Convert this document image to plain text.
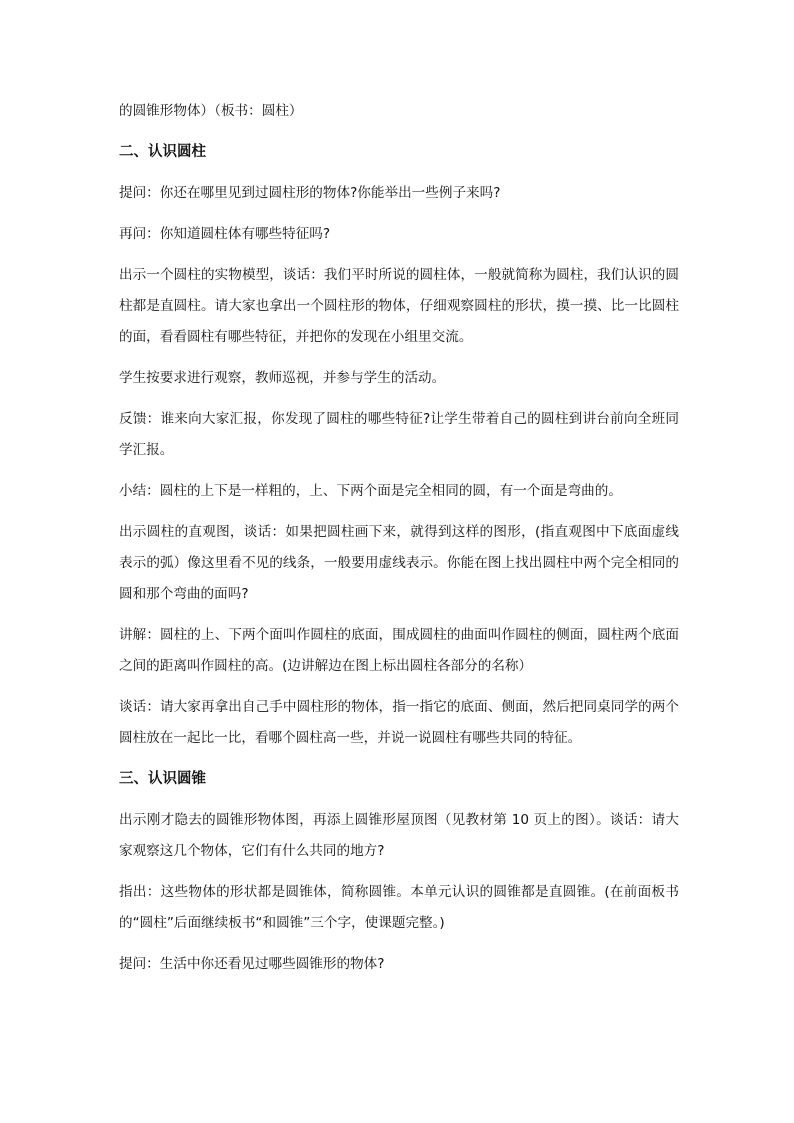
的圆锥形物体）（板书：圆柱）

二、认识圆柱

提问：你还在哪里见到过圆柱形的物体?你能举出一些例子来吗?

再问：你知道圆柱体有哪些特征吗?

出示一个圆柱的实物模型，谈话：我们平时所说的圆柱体，一般就简称为圆柱，我们认识的圆柱都是直圆柱。请大家也拿出一个圆柱形的物体，仔细观察圆柱的形状，摸一摸、比一比圆柱的面，看看圆柱有哪些特征，并把你的发现在小组里交流。

学生按要求进行观察，教师巡视，并参与学生的活动。

反馈：谁来向大家汇报，你发现了圆柱的哪些特征?让学生带着自己的圆柱到讲台前向全班同学汇报。

小结：圆柱的上下是一样粗的，上、下两个面是完全相同的圆，有一个面是弯曲的。

出示圆柱的直观图，谈话：如果把圆柱画下来，就得到这样的图形，(指直观图中下底面虚线表示的弧）像这里看不见的线条，一般要用虚线表示。你能在图上找出圆柱中两个完全相同的圆和那个弯曲的面吗?

讲解：圆柱的上、下两个面叫作圆柱的底面，围成圆柱的曲面叫作圆柱的侧面，圆柱两个底面之间的距离叫作圆柱的高。(边讲解边在图上标出圆柱各部分的名称）

谈话：请大家再拿出自己手中圆柱形的物体，指一指它的底面、侧面，然后把同桌同学的两个圆柱放在一起比一比，看哪个圆柱高一些，并说一说圆柱有哪些共同的特征。

三、认识圆锥

出示刚才隐去的圆锥形物体图，再添上圆锥形屋顶图（见教材第 10 页上的图）。谈话：请大家观察这几个物体，它们有什么共同的地方?

指出：这些物体的形状都是圆锥体，简称圆锥。本单元认识的圆锥都是直圆锥。(在前面板书的“圆柱”后面继续板书“和圆锥”三个字，使课题完整。)

提问：生活中你还看见过哪些圆锥形的物体?
